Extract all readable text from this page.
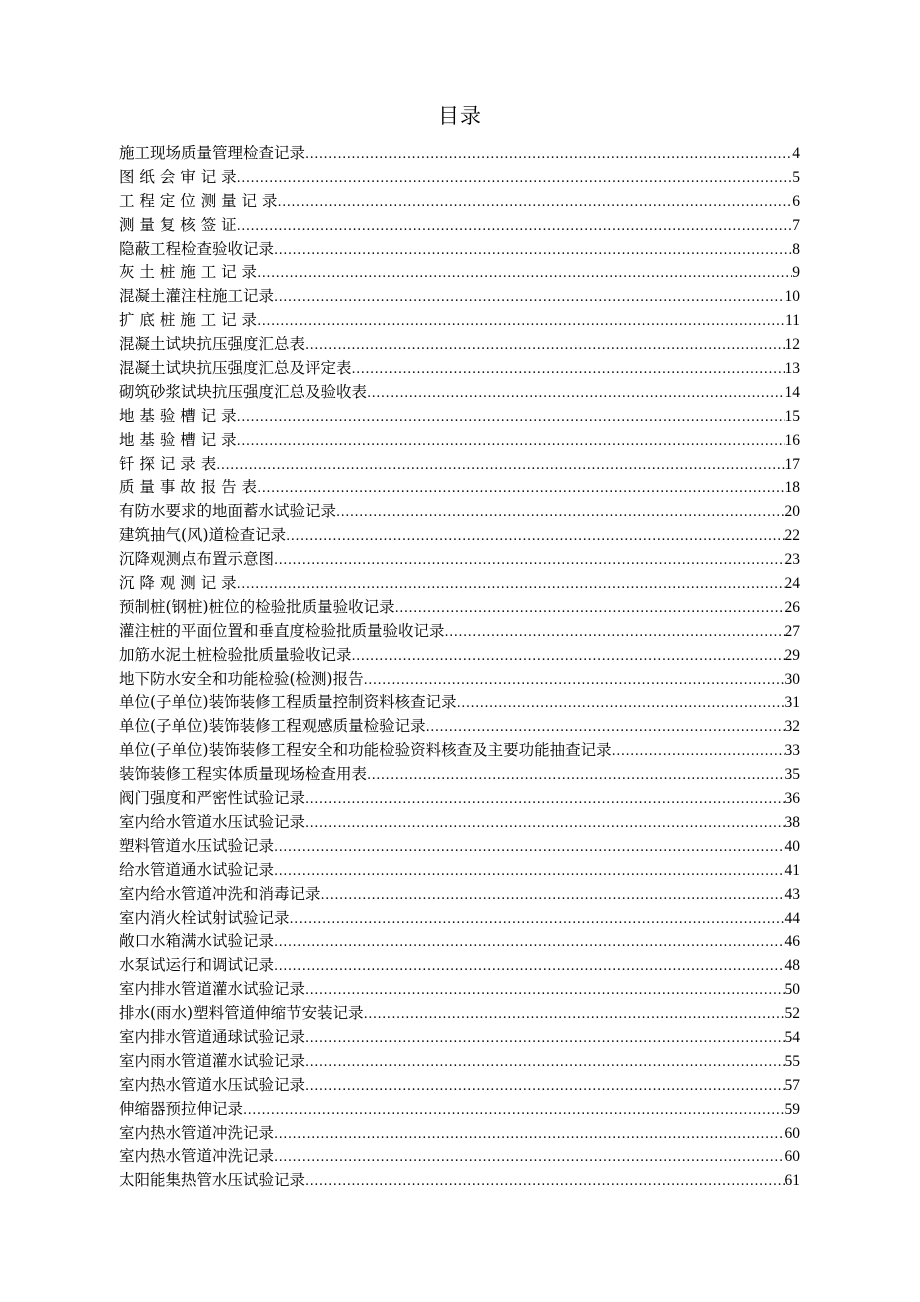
目录
施工现场质量管理检查记录 .....	4
图 纸 会 审 记 录 .....	5
工 程 定 位 测 量 记 录 .....	6
测 量 复 核 签 证 .....	7
隐蔽工程检查验收记录 .....	8
灰 土 桩 施 工 记 录 .....	9
混凝土灌注柱施工记录 .....	10
扩 底 桩 施 工 记 录 .....	11
混凝土试块抗压强度汇总表 .....	12
混凝土试块抗压强度汇总及评定表 .....	13
砌筑砂浆试块抗压强度汇总及验收表 .....	14
地 基 验 槽 记 录 .....	15
地 基 验 槽 记 录 .....	16
钎 探 记 录 表 .....	17
质 量 事 故 报 告 表 .....	18
有防水要求的地面蓄水试验记录 .....	20
建筑抽气(风)道检查记录 .....	22
沉降观测点布置示意图 .....	23
沉 降 观 测 记 录 .....	24
预制桩(钢桩)桩位的检验批质量验收记录 .....	26
灌注桩的平面位置和垂直度检验批质量验收记录 .....	27
加筋水泥土桩检验批质量验收记录 .....	29
地下防水安全和功能检验(检测)报告 .....	30
单位(子单位)装饰装修工程质量控制资料核查记录 .....	31
单位(子单位)装饰装修工程观感质量检验记录 .....	32
单位(子单位)装饰装修工程安全和功能检验资料核查及主要功能抽查记录 .....	33
装饰装修工程实体质量现场检查用表 .....	35
阀门强度和严密性试验记录 .....	36
室内给水管道水压试验记录 .....	38
塑料管道水压试验记录 .....	40
给水管道通水试验记录 .....	41
室内给水管道冲洗和消毒记录 .....	43
室内消火栓试射试验记录 .....	44
敞口水箱满水试验记录 .....	46
水泵试运行和调试记录 .....	48
室内排水管道灌水试验记录 .....	50
排水(雨水)塑料管道伸缩节安装记录 .....	52
室内排水管道通球试验记录 .....	54
室内雨水管道灌水试验记录 .....	55
室内热水管道水压试验记录 .....	57
伸缩器预拉伸记录 .....	59
室内热水管道冲洗记录 .....	60
室内热水管道冲洗记录 .....	60
太阳能集热管水压试验记录 .....	61
